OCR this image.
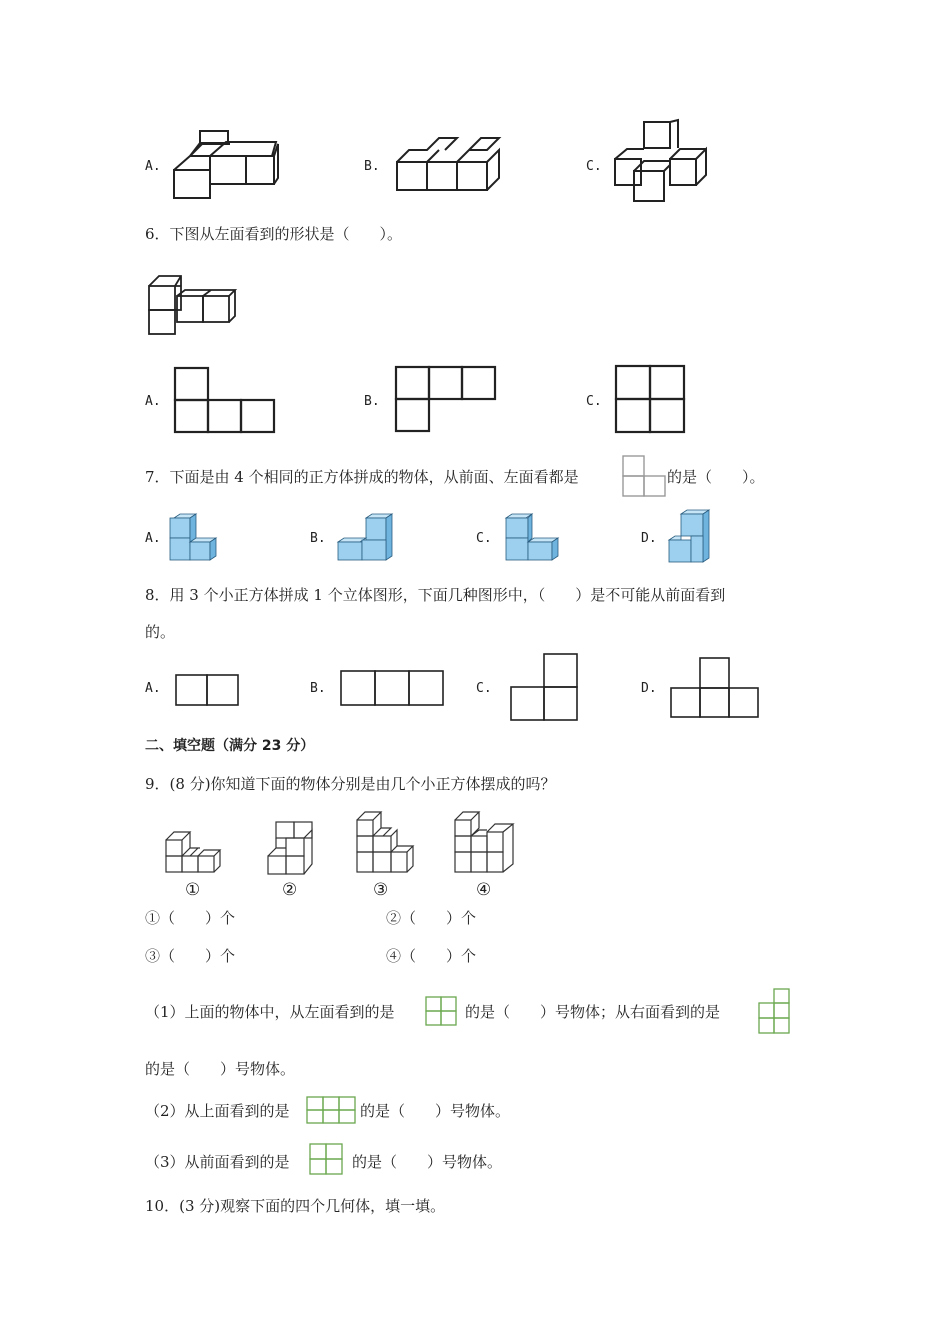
A.	B.	C.
6．下图从左面看到的形状是（　　）。
A.	B.	C.
7．下面是由 4 个相同的正方体拼成的物体，从前面、左面看都是	的是（　　）。
A.	B.	C.	D.
8．用 3 个小正方体拼成 1 个立体图形，下面几种图形中，（　　）是不可能从前面看到
的。
A.	B.	C.	D.
二、填空题（满分 23 分）
9．(8 分)你知道下面的物体分别是由几个小正方体摆成的吗？
①	②	③	④
①（　　）个	②（　　）个
③（　　）个	④（　　）个
（1）上面的物体中，从左面看到的是	的是（　　）号物体；从右面看到的是
的是（　　）号物体。
（2）从上面看到的是	的是（　　）号物体。
（3）从前面看到的是	的是（　　）号物体。
10．(3 分)观察下面的四个几何体，填一填。
